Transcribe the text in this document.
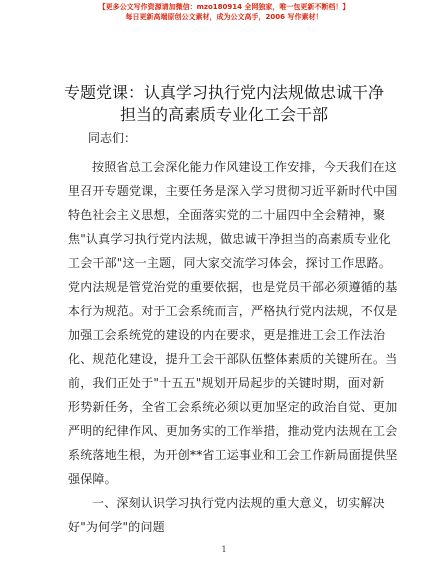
【更多公文写作资源请加微信：mzo180914 全网独家，唯一包更新不断档！】
每日更新高端原创公文素材，成为公文高手，2006 写作素材！
专题党课：认真学习执行党内法规做忠诚干净
担当的高素质专业化工会干部
同志们：
按照省总工会深化能力作风建设工作安排，今天我们在这
里召开专题党课，主要任务是深入学习贯彻习近平新时代中国
特色社会主义思想，全面落实党的二十届四中全会精神，聚
焦"认真学习执行党内法规，做忠诚干净担当的高素质专业化
工会干部"这一主题，同大家交流学习体会，探讨工作思路。
党内法规是管党治党的重要依据，也是党员干部必须遵循的基
本行为规范。对于工会系统而言，严格执行党内法规，不仅是
加强工会系统党的建设的内在要求，更是推进工会工作法治
化、规范化建设，提升工会干部队伍整体素质的关键所在。当
前，我们正处于"十五五"规划开局起步的关键时期，面对新
形势新任务，全省工会系统必须以更加坚定的政治自觉、更加
严明的纪律作风、更加务实的工作举措，推动党内法规在工会
系统落地生根，为开创**省工运事业和工会工作新局面提供坚
强保障。
一、深刻认识学习执行党内法规的重大意义，切实解决
好"为何学"的问题
1
